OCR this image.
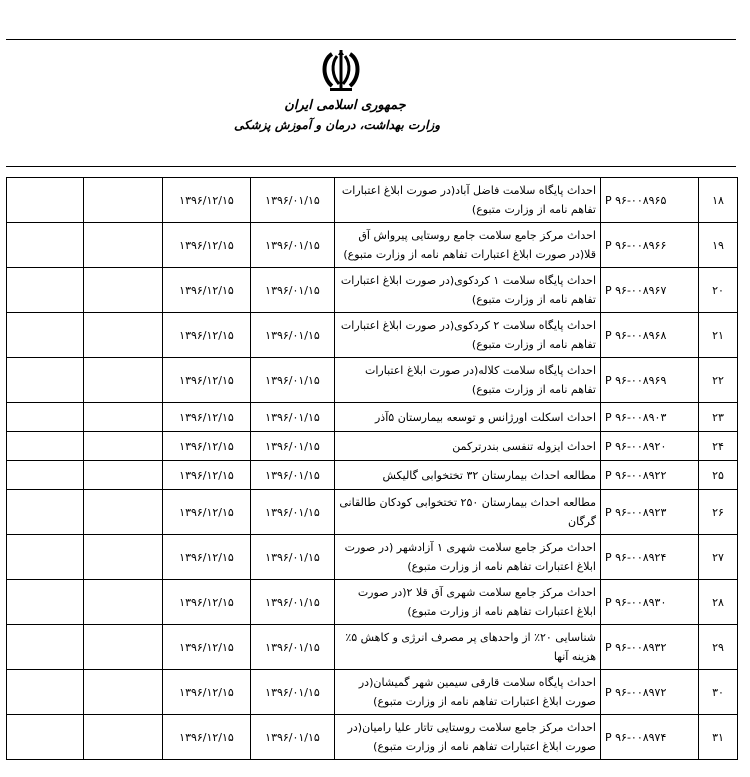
جمهوری اسلامی ایران
وزارت بهداشت، درمان و آموزش پزشکی
۱۸	P ۹۶-۰۰۸۹۶۵	احداث پایگاه سلامت فاضل آباد(در صورت ابلاغ اعتبارات تفاهم نامه از وزارت متبوع)	۱۳۹۶/۰۱/۱۵	۱۳۹۶/۱۲/۱۵		
۱۹	P ۹۶-۰۰۸۹۶۶	احداث مرکز جامع سلامت جامع روستایی پیرواش آق قلا(در صورت ابلاغ اعتبارات تفاهم نامه از وزارت متبوع)	۱۳۹۶/۰۱/۱۵	۱۳۹۶/۱۲/۱۵		
۲۰	P ۹۶-۰۰۸۹۶۷	احداث پایگاه سلامت ۱ کردکوی(در صورت ابلاغ اعتبارات تفاهم نامه از وزارت متبوع)	۱۳۹۶/۰۱/۱۵	۱۳۹۶/۱۲/۱۵		
۲۱	P ۹۶-۰۰۸۹۶۸	احداث پایگاه سلامت ۲ کردکوی(در صورت ابلاغ اعتبارات تفاهم نامه از وزارت متبوع)	۱۳۹۶/۰۱/۱۵	۱۳۹۶/۱۲/۱۵		
۲۲	P ۹۶-۰۰۸۹۶۹	احداث پایگاه سلامت کلاله(در صورت ابلاغ اعتبارات تفاهم نامه از وزارت متبوع)	۱۳۹۶/۰۱/۱۵	۱۳۹۶/۱۲/۱۵		
۲۳	P ۹۶-۰۰۸۹۰۳	احداث اسکلت اورژانس و توسعه بیمارستان ۵آذر	۱۳۹۶/۰۱/۱۵	۱۳۹۶/۱۲/۱۵		
۲۴	P ۹۶-۰۰۸۹۲۰	احداث ایزوله تنفسی بندرترکمن	۱۳۹۶/۰۱/۱۵	۱۳۹۶/۱۲/۱۵		
۲۵	P ۹۶-۰۰۸۹۲۲	مطالعه احداث بیمارستان ۳۲ تختخوابی گالیکش	۱۳۹۶/۰۱/۱۵	۱۳۹۶/۱۲/۱۵		
۲۶	P ۹۶-۰۰۸۹۲۳	مطالعه احداث بیمارستان ۲۵۰ تختخوابی کودکان طالقانی گرگان	۱۳۹۶/۰۱/۱۵	۱۳۹۶/۱۲/۱۵		
۲۷	P ۹۶-۰۰۸۹۲۴	احداث مرکز جامع سلامت شهری ۱ آزادشهر (در صورت ابلاغ اعتبارات تفاهم نامه از وزارت متبوع)	۱۳۹۶/۰۱/۱۵	۱۳۹۶/۱۲/۱۵		
۲۸	P ۹۶-۰۰۸۹۳۰	احداث مرکز جامع سلامت شهری آق قلا ۲(در صورت ابلاغ اعتبارات تفاهم نامه از وزارت متبوع)	۱۳۹۶/۰۱/۱۵	۱۳۹۶/۱۲/۱۵		
۲۹	P ۹۶-۰۰۸۹۳۲	شناسایی ۲۰٪ از واحدهای پر مصرف انرژی و کاهش ۵٪ هزینه آنها	۱۳۹۶/۰۱/۱۵	۱۳۹۶/۱۲/۱۵		
۳۰	P ۹۶-۰۰۸۹۷۲	احداث پایگاه سلامت قارقی سیمین شهر گمیشان(در صورت ابلاغ اعتبارات تفاهم نامه از وزارت متبوع)	۱۳۹۶/۰۱/۱۵	۱۳۹۶/۱۲/۱۵		
۳۱	P ۹۶-۰۰۸۹۷۴	احداث مرکز جامع سلامت روستایی تاتار علیا رامیان(در صورت ابلاغ اعتبارات تفاهم نامه از وزارت متبوع)	۱۳۹۶/۰۱/۱۵	۱۳۹۶/۱۲/۱۵		
